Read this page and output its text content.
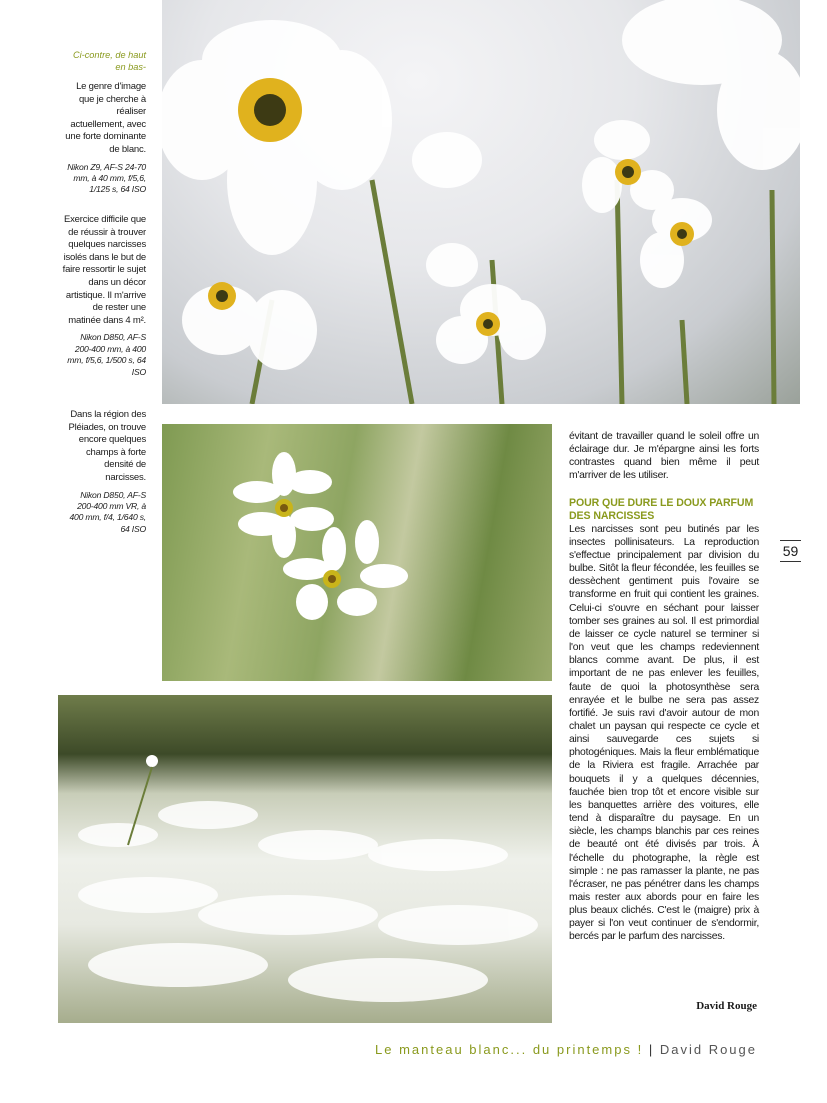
Ci-contre, de haut en bas-
Le genre d'image que je cherche à réaliser actuellement, avec une forte dominante de blanc.
Nikon Z9, AF-S 24-70 mm, à 40 mm, f/5,6, 1/125 s, 64 ISO
Exercice difficile que de réussir à trouver quelques narcisses isolés dans le but de faire ressortir le sujet dans un décor artistique. Il m'arrive de rester une matinée dans 4 m².
Nikon D850, AF-S 200-400 mm, à 400 mm, f/5,6, 1/500 s, 64 ISO
Dans la région des Pléiades, on trouve encore quelques champs à forte densité de narcisses.
Nikon D850, AF-S 200-400 mm VR, à 400 mm, f/4, 1/640 s, 64 ISO

évitant de travailler quand le soleil offre un éclairage dur. Je m'épargne ainsi les forts contrastes quand bien même il peut m'arriver de les utiliser.

POUR QUE DURE LE DOUX PARFUM DES NARCISSES

Les narcisses sont peu butinés par les insectes pollinisateurs. La reproduction s'effectue principalement par division du bulbe. Sitôt la fleur fécondée, les feuilles se dessèchent gentiment puis l'ovaire se transforme en fruit qui contient les graines. Celui-ci s'ouvre en séchant pour laisser tomber ses graines au sol. Il est primordial de laisser ce cycle naturel se terminer si l'on veut que les champs redeviennent blancs comme avant. De plus, il est important de ne pas enlever les feuilles, faute de quoi la photosynthèse sera enrayée et le bulbe ne sera pas assez fortifié. Je suis ravi d'avoir autour de mon chalet un paysan qui respecte ce cycle et ainsi sauvegarde ces sujets si photogéniques. Mais la fleur emblématique de la Riviera est fragile. Arrachée par bouquets il y a quelques décennies, fauchée bien trop tôt et encore visible sur les banquettes arrière des voitures, elle tend à disparaître du paysage. En un siècle, les champs blanchis par ces reines de beauté ont été divisés par trois. À l'échelle du photographe, la règle est simple : ne pas ramasser la plante, ne pas l'écraser, ne pas pénétrer dans les champs mais rester aux abords pour en faire les plus beaux clichés. C'est le (maigre) prix à payer si l'on veut continuer de s'endormir, bercés par le parfum des narcisses.

David Rouge
59
Le manteau blanc... du printemps ! | David Rouge
